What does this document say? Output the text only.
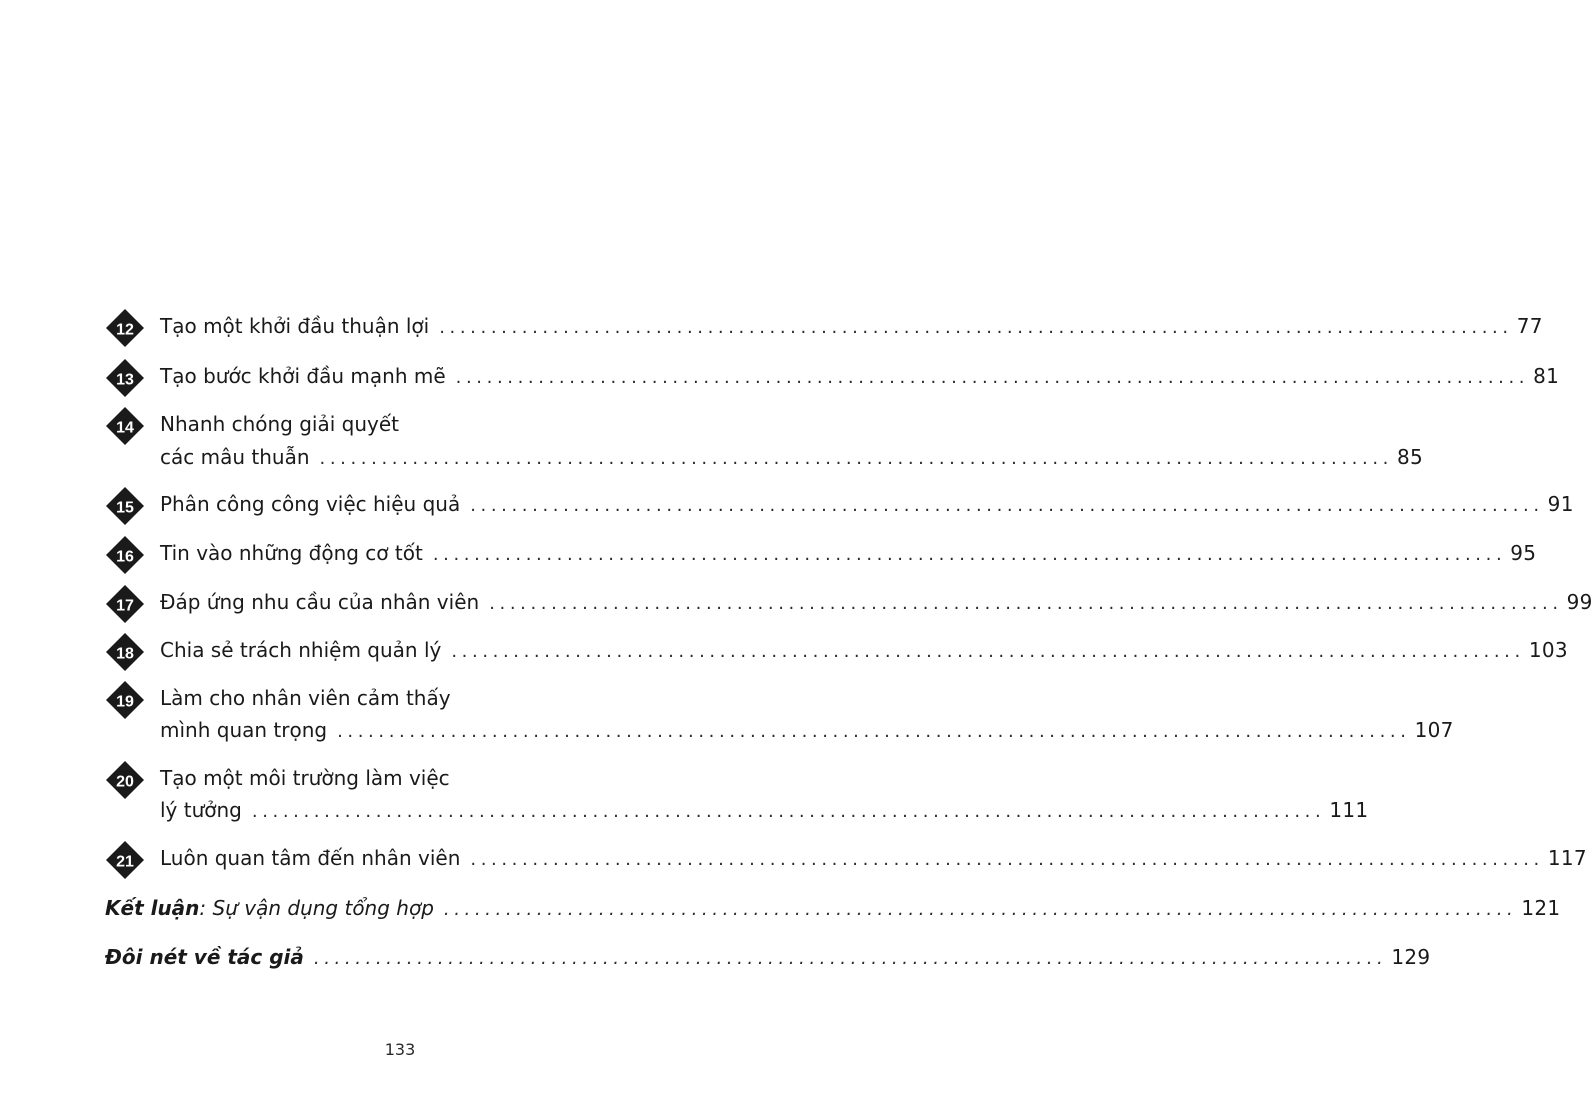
12 Tạo một khởi đầu thuận lợi ........................................................................................................ 77
13 Tạo bước khởi đầu mạnh mẽ ........................................................................................................ 81
14 Nhanh chóng giải quyết
các mâu thuẫn ........................................................................................................ 85
15 Phân công công việc hiệu quả ........................................................................................................ 91
16 Tin vào những động cơ tốt ........................................................................................................ 95
17 Đáp ứng nhu cầu của nhân viên ........................................................................................................ 99
18 Chia sẻ trách nhiệm quản lý ........................................................................................................ 103
19 Làm cho nhân viên cảm thấy
mình quan trọng ........................................................................................................ 107
20 Tạo một môi trường làm việc
lý tưởng ........................................................................................................ 111
21 Luôn quan tâm đến nhân viên ........................................................................................................ 117
Kết luận: Sự vận dụng tổng hợp ........................................................................................................ 121
Đôi nét về tác giả ........................................................................................................ 129
133
